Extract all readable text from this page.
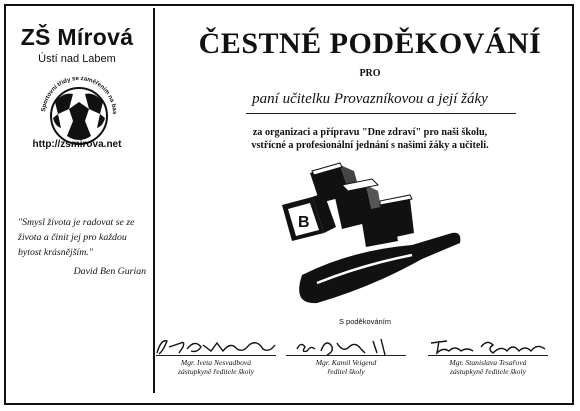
ZŠ Mírová
Ústí nad Labem
Sportovní třídy se zaměřením na bas
http://zsmirova.net
"Smysl života je radovat se ze života a činit jej pro každou bytost krásnějším."
David Ben Gurian
ČESTNÉ PODĚKOVÁNÍ
PRO
paní učitelku Provazníkovou a její žáky
za organizaci a přípravu "Dne zdraví" pro naši školu,
vstřícné a profesionální jednání s našimi žáky a učiteli.
B
S poděkováním
Mgr. Iveta Nesvadbová
zástupkyně ředitele školy
Mgr. Kamil Veigend
ředitel školy
Mgr. Stanislava Tesařová
zástupkyně ředitele školy
